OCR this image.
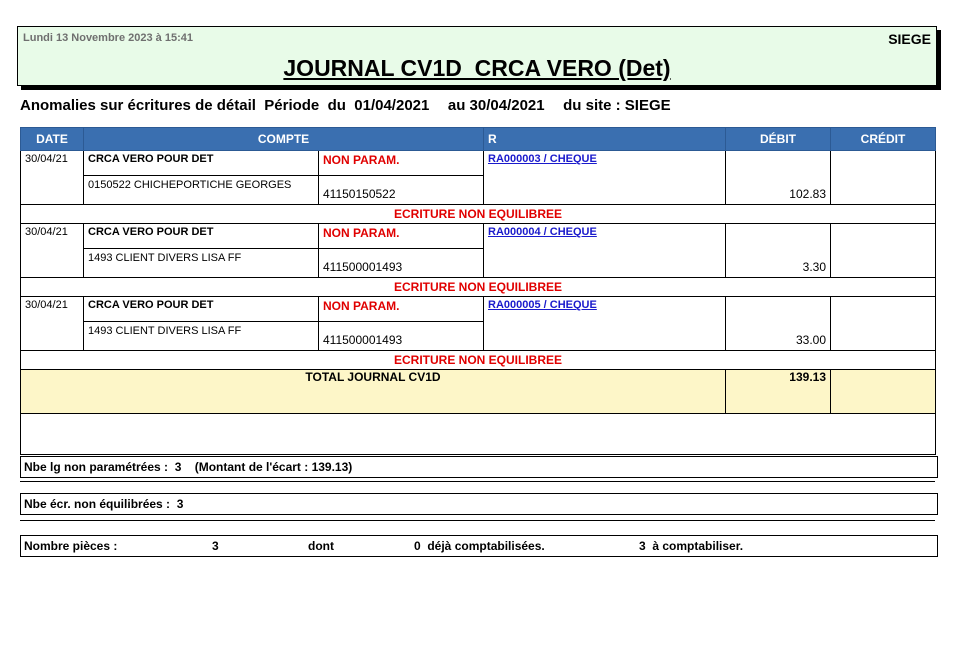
Lundi 13 Novembre 2023 à 15:41	SIEGE
JOURNAL CV1D  CRCA VERO (Det)
Anomalies sur écritures de détail  Période  du  01/04/2021 au 30/04/2021 du site : SIEGE
DATE	COMPTE		R	DÉBIT	CRÉDIT
30/04/21	CRCA VERO POUR DET	NON PARAM.	RA000003 / CHEQUE	102.83	
	0150522 CHICHEPORTICHE GEORGES	41150150522			
ECRITURE NON EQUILIBREE					
30/04/21	CRCA VERO POUR DET	NON PARAM.	RA000004 / CHEQUE	3.30	
	1493 CLIENT DIVERS LISA FF	411500001493			
ECRITURE NON EQUILIBREE					
30/04/21	CRCA VERO POUR DET	NON PARAM.	RA000005 / CHEQUE	33.00	
	1493 CLIENT DIVERS LISA FF	411500001493			
ECRITURE NON EQUILIBREE					
TOTAL JOURNAL CV1D				139.13	

Nbe lg non paramétrées :  3    (Montant de l'écart : 139.13)
Nbe écr. non équilibrées :  3

Nombre pièces :

	3

	dont

	0  déjà comptabilisées.

	3  à comptabiliser.
